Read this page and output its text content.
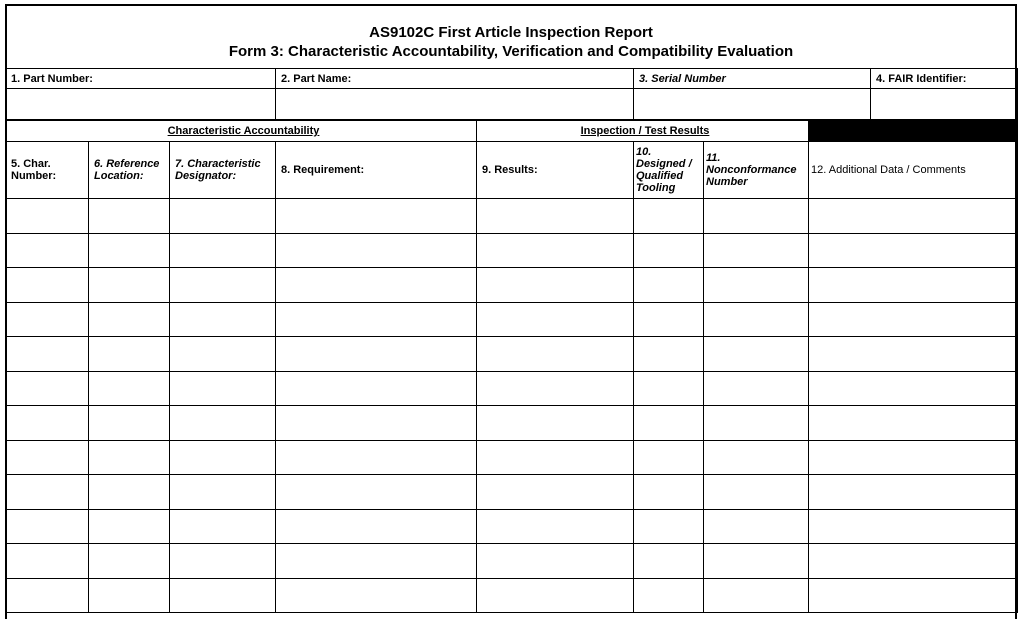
AS9102C First Article Inspection Report
Form 3: Characteristic Accountability, Verification and Compatibility Evaluation
1. Part Number:	2. Part Name:	3. Serial Number	4. FAIR Identifier:

Characteristic Accountability				Inspection / Test Results			
5. Char. Number:	6. Reference Location:	7. Characteristic Designator:	8. Requirement:	9. Results:	10. Designed / Qualified Tooling	11. Nonconformance Number	12. Additional Data / Comments
